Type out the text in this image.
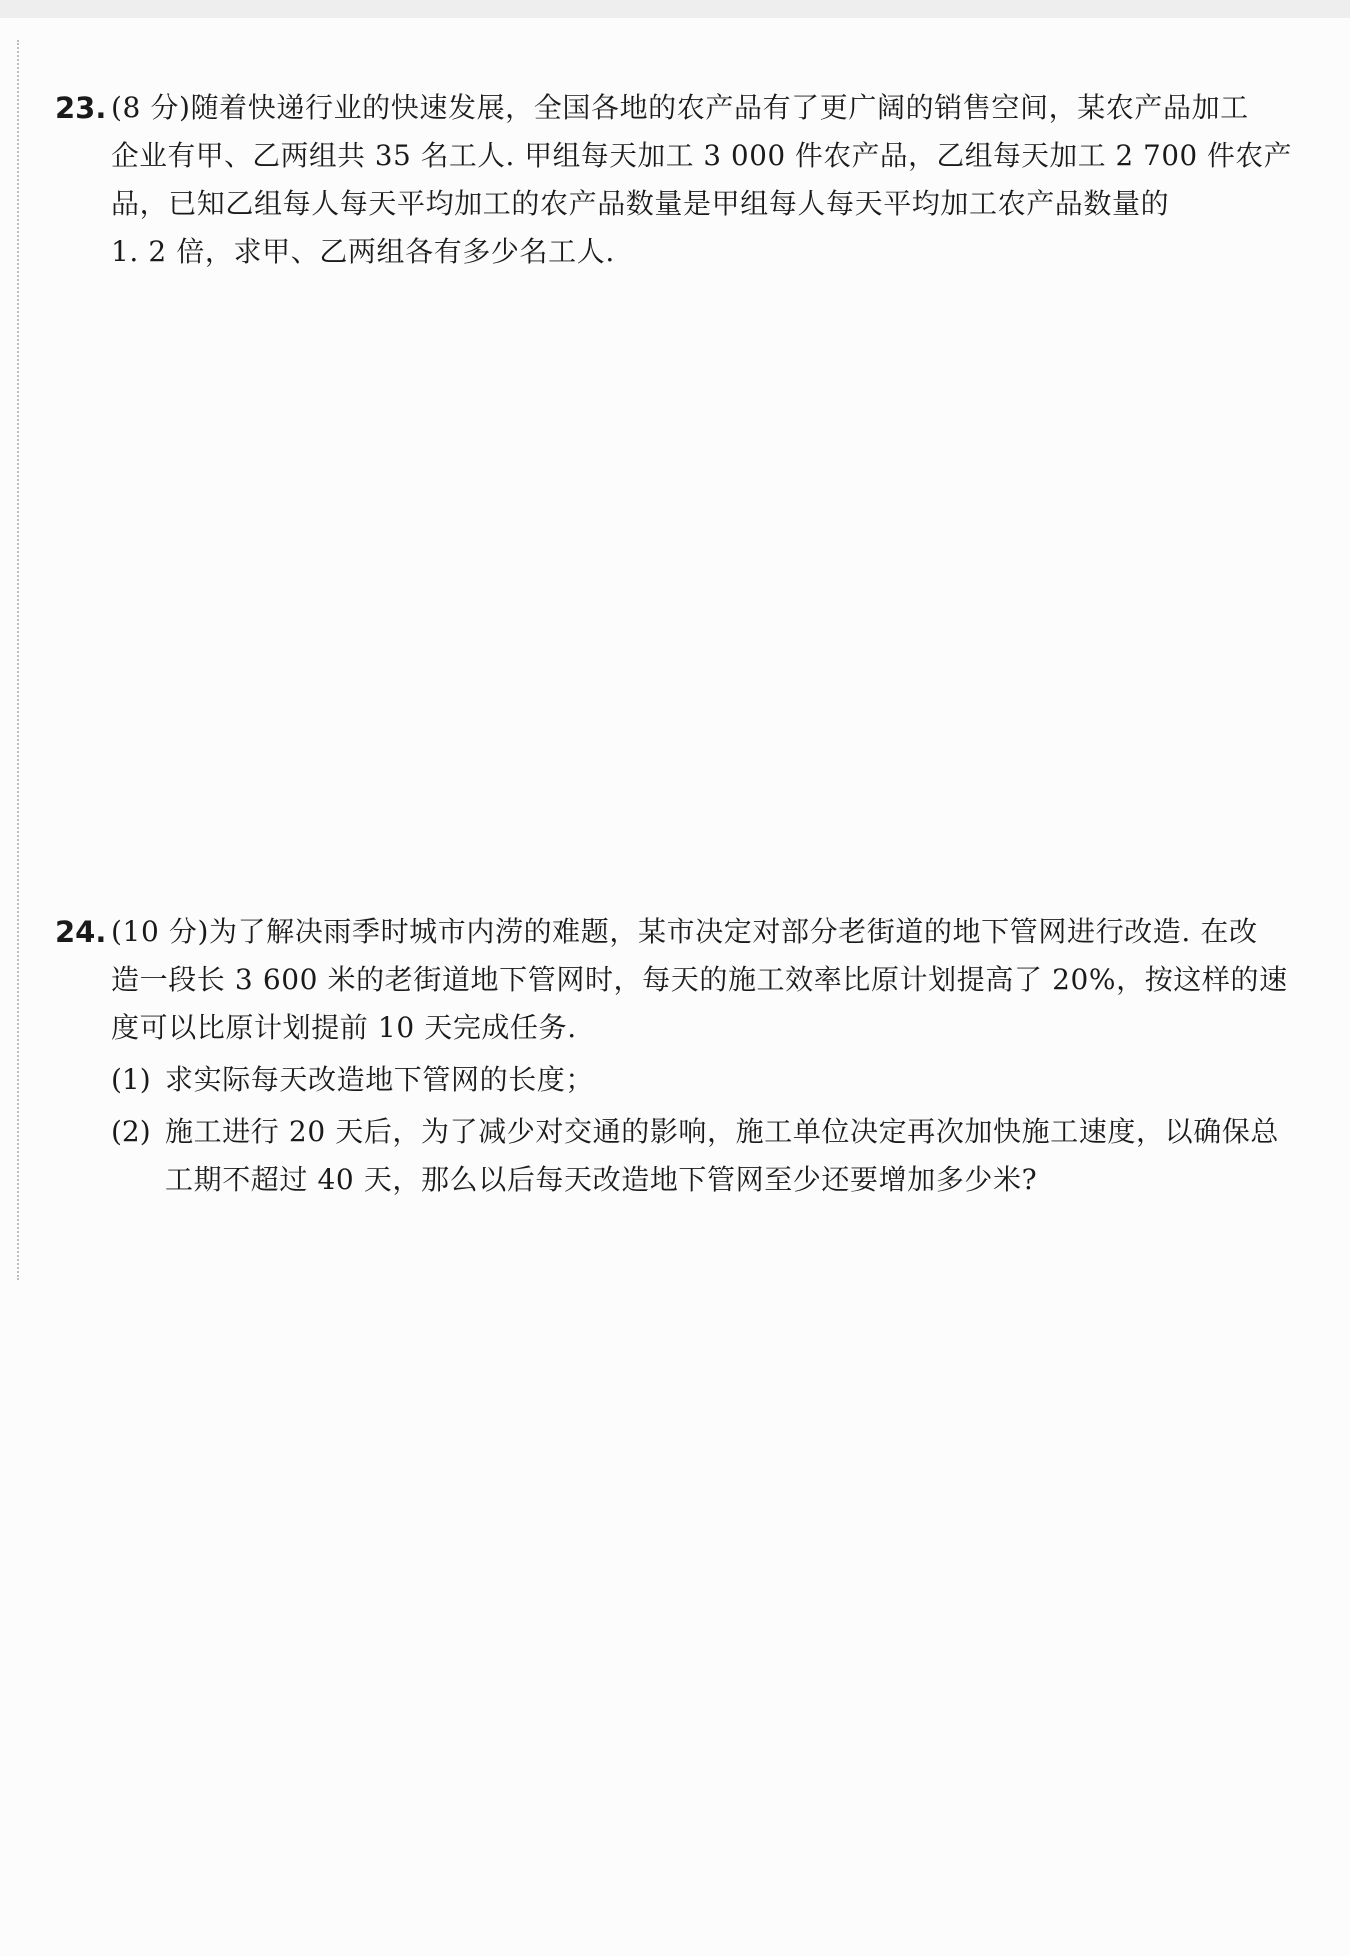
23. (8 分)随着快递行业的快速发展，全国各地的农产品有了更广阔的销售空间，某农产品加工
企业有甲、乙两组共 35 名工人. 甲组每天加工 3 000 件农产品，乙组每天加工 2 700 件农产
品，已知乙组每人每天平均加工的农产品数量是甲组每人每天平均加工农产品数量的
1. 2 倍，求甲、乙两组各有多少名工人.
24. (10 分)为了解决雨季时城市内涝的难题，某市决定对部分老街道的地下管网进行改造. 在改
造一段长 3 600 米的老街道地下管网时，每天的施工效率比原计划提高了 20%，按这样的速
度可以比原计划提前 10 天完成任务.
(1) 求实际每天改造地下管网的长度；
(2) 施工进行 20 天后，为了减少对交通的影响，施工单位决定再次加快施工速度，以确保总
工期不超过 40 天，那么以后每天改造地下管网至少还要增加多少米?
